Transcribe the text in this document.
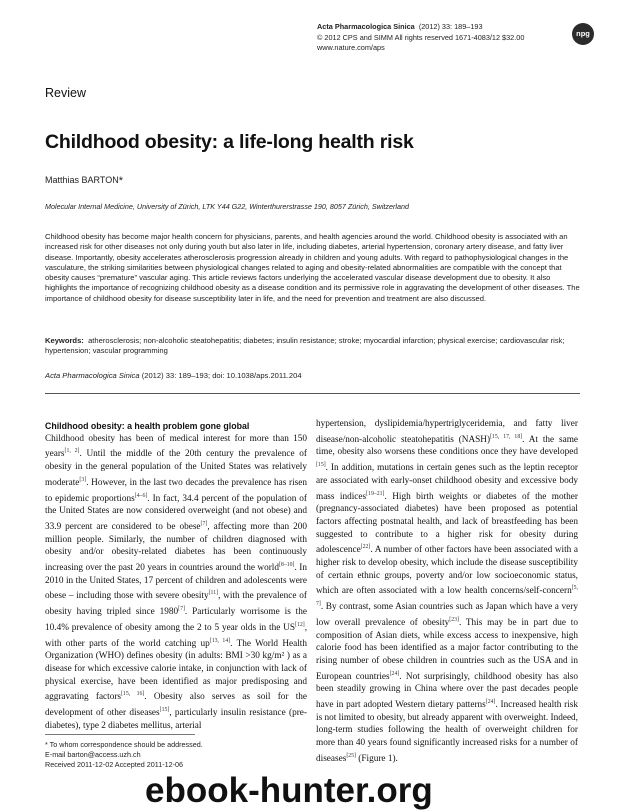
Acta Pharmacologica Sinica (2012) 33: 189–193
© 2012 CPS and SIMM All rights reserved 1671-4083/12 $32.00
www.nature.com/aps
npg
Review
Childhood obesity: a life-long health risk
Matthias BARTON*
Molecular Internal Medicine, University of Zürich, LTK Y44 G22, Winterthurerstrasse 190, 8057 Zürich, Switzerland
Childhood obesity has become major health concern for physicians, parents, and health agencies around the world. Childhood obesity is associated with an increased risk for other diseases not only during youth but also later in life, including diabetes, arterial hypertension, coronary artery disease, and fatty liver disease. Importantly, obesity accelerates atherosclerosis progression already in children and young adults. With regard to pathophysiological changes in the vasculature, the striking similarities between physiological changes related to aging and obesity-related abnormalities are compatible with the concept that obesity causes “premature” vascular aging. This article reviews factors underlying the accelerated vascular disease development due to obesity. It also highlights the importance of recognizing childhood obesity as a disease condition and its permissive role in aggravating the development of other diseases. The importance of childhood obesity for disease susceptibility later in life, and the need for prevention and treatment are also discussed.
Keywords: atherosclerosis; non-alcoholic steatohepatitis; diabetes; insulin resistance; stroke; myocardial infarction; physical exercise; cardiovascular risk; hypertension; vascular programming
Acta Pharmacologica Sinica (2012) 33: 189–193; doi: 10.1038/aps.2011.204
Childhood obesity: a health problem gone global
Childhood obesity has been of medical interest for more than 150 years[1, 2]. Until the middle of the 20th century the prevalence of obesity in the general population of the United States was relatively moderate[3]. However, in the last two decades the prevalence has risen to epidemic proportions[4–6]. In fact, 34.4 percent of the population of the United States are now considered overweight (and not obese) and 33.9 percent are considered to be obese[7], affecting more than 200 million people. Similarly, the number of children diagnosed with obesity and/or obesity-related diabetes has been continuously increasing over the past 20 years in countries around the world[8–10]. In 2010 in the United States, 17 percent of children and adolescents were obese – including those with severe obesity[11], with the prevalence of obesity having tripled since 1980[7]. Particularly worrisome is the 10.4% prevalence of obesity among the 2 to 5 year olds in the US[12], with other parts of the world catching up[13, 14]. The World Health Organization (WHO) defines obesity (in adults: BMI >30 kg/m² ) as a disease for which excessive calorie intake, in conjunction with lack of physical exercise, have been identified as major predisposing and aggravating factors[15, 16]. Obesity also serves as soil for the development of other diseases[15], particularly insulin resistance (pre-diabetes), type 2 diabetes mellitus, arterial
hypertension, dyslipidemia/hypertriglyceridemia, and fatty liver disease/non-alcoholic steatohepatitis (NASH)[15, 17, 18]. At the same time, obesity also worsens these conditions once they have developed [15]. In addition, mutations in certain genes such as the leptin receptor are associated with early-onset childhood obesity and excessive body mass indices[19–21]. High birth weights or diabetes of the mother (pregnancy-associated diabetes) have been proposed as potential factors affecting postnatal health, and lack of breastfeeding has been suggested to contribute to a higher risk for obesity during adolescence[22]. A number of other factors have been associated with a higher risk to develop obesity, which include the disease susceptibility of certain ethnic groups, poverty and/or low socioeconomic status, which are often associated with a low health concerns/self-concern[5, 7]. By contrast, some Asian countries such as Japan which have a very low overall prevalence of obesity[23]. This may be in part due to composition of Asian diets, while excess access to inexpensive, high calorie food has been identified as a major factor contributing to the rising number of obese children in countries such as the USA and in European countries[24]. Not surprisingly, childhood obesity has also been steadily growing in China where over the past decades people have in part adopted Western dietary patterns[24]. Increased health risk is not limited to obesity, but already apparent with overweight. Indeed, long-term studies following the health of overweight children for more than 40 years found significantly increased risks for a number of diseases[25] (Figure 1).
* To whom correspondence should be addressed.
E-mail barton@access.uzh.ch
Received 2011-12-02 Accepted 2011-12-06
ebook-hunter.org
